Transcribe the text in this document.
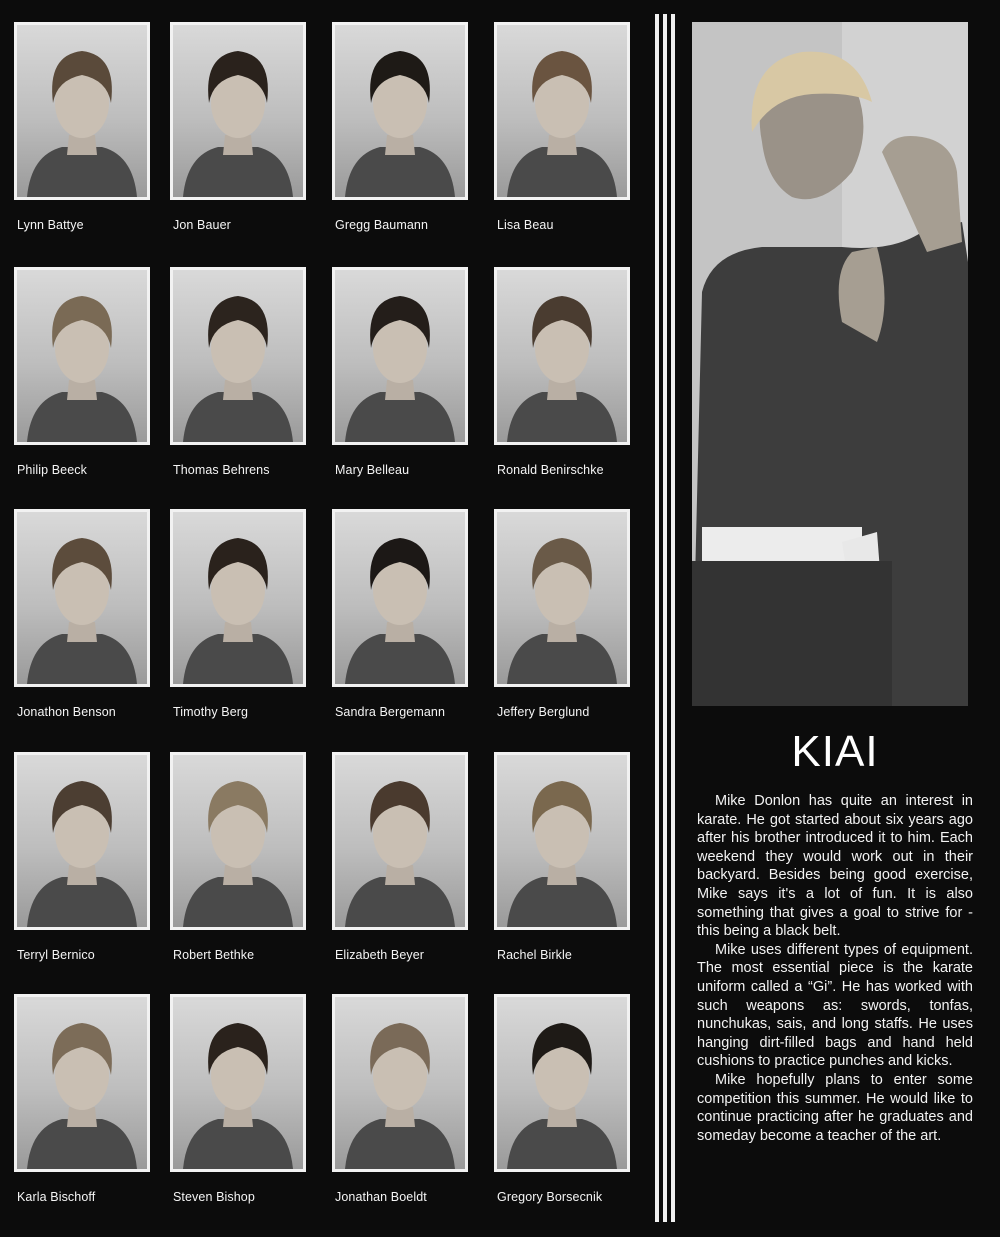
Lynn Battye	Jon Bauer	Gregg Baumann	Lisa Beau
Philip Beeck	Thomas Behrens	Mary Belleau	Ronald Benirschke
Jonathon Benson	Timothy Berg	Sandra Bergemann	Jeffery Berglund
Terryl Bernico	Robert Bethke	Elizabeth Beyer	Rachel Birkle
Karla Bischoff	Steven Bishop	Jonathan Boeldt	Gregory Borsecnik
KIAI

Mike Donlon has quite an interest in karate. He got started about six years ago after his brother introduced it to him. Each weekend they would work out in their backyard. Besides being good exercise, Mike says it's a lot of fun. It is also something that gives a goal to strive for - this being a black belt.

Mike uses different types of equipment. The most essential piece is the karate uniform called a “Gi”. He has worked with such weapons as: swords, tonfas, nunchukas, sais, and long staffs. He uses hanging dirt-filled bags and hand held cushions to practice punches and kicks.

Mike hopefully plans to enter some competition this summer. He would like to continue practicing after he graduates and someday become a teacher of the art.
